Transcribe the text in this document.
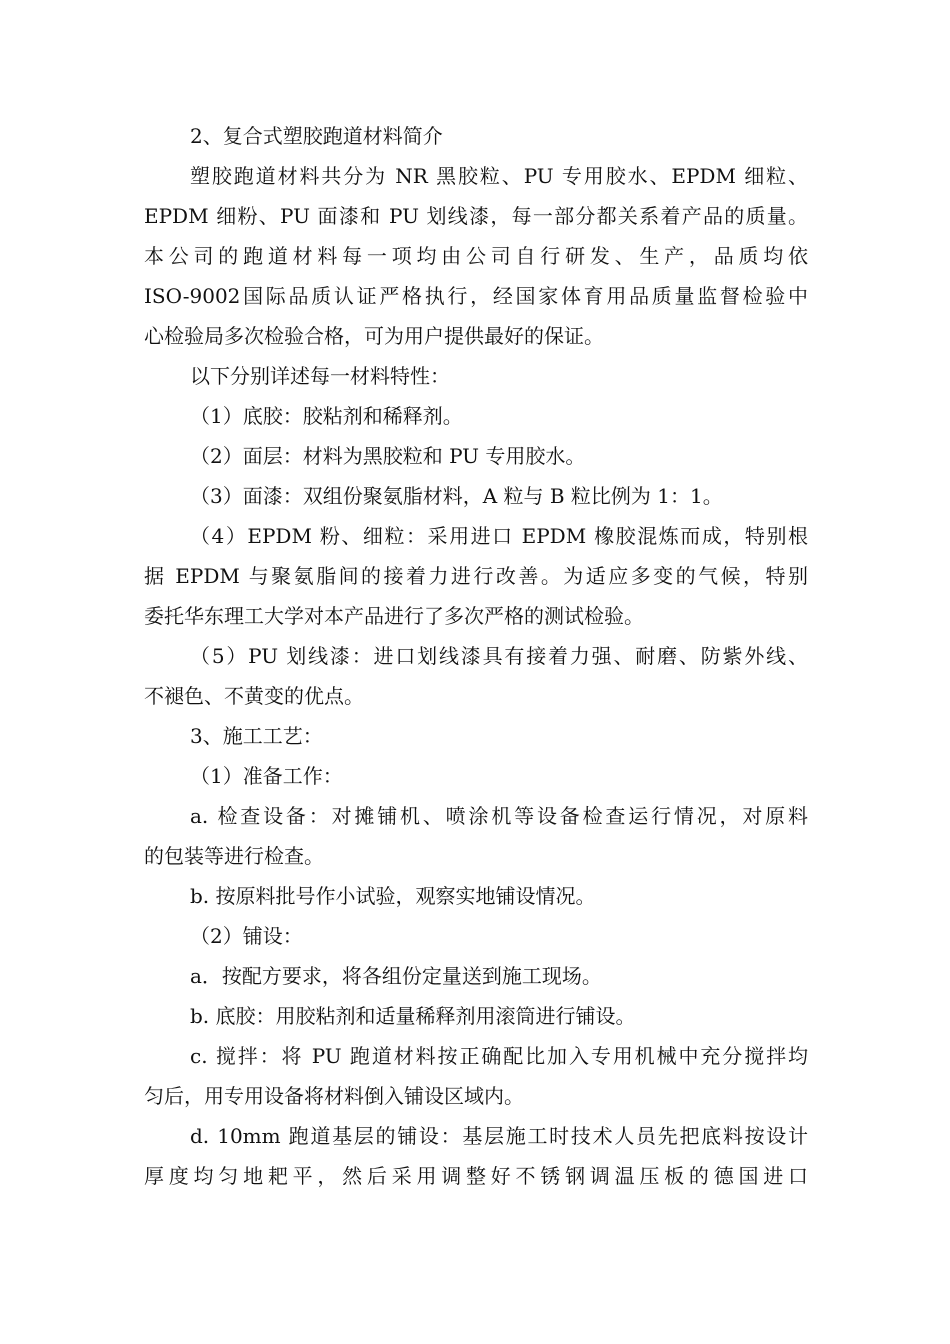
2、复合式塑胶跑道材料简介
塑胶跑道材料共分为 NR 黑胶粒、PU 专用胶水、EPDM 细粒、
EPDM 细粉、PU 面漆和 PU 划线漆，每一部分都关系着产品的质量。
本公司的跑道材料每一项均由公司自行研发、生产，品质均依
ISO-9002国际品质认证严格执行，经国家体育用品质量监督检验中
心检验局多次检验合格，可为用户提供最好的保证。
以下分别详述每一材料特性：
（1）底胶：胶粘剂和稀释剂。
（2）面层：材料为黑胶粒和 PU 专用胶水。
（3）面漆：双组份聚氨脂材料，A 粒与 B 粒比例为 1：1。
（4）EPDM 粉、细粒：采用进口 EPDM 橡胶混炼而成，特别根
据 EPDM 与聚氨脂间的接着力进行改善。为适应多变的气候，特别
委托华东理工大学对本产品进行了多次严格的测试检验。
（5）PU 划线漆：进口划线漆具有接着力强、耐磨、防紫外线、
不褪色、不黄变的优点。
3、施工工艺：
（1）准备工作：
a. 检查设备：对摊铺机、喷涂机等设备检查运行情况，对原料
的包装等进行检查。
b. 按原料批号作小试验，观察实地铺设情况。
（2）铺设：
a．按配方要求，将各组份定量送到施工现场。
b. 底胶：用胶粘剂和适量稀释剂用滚筒进行铺设。
c. 搅拌：将 PU 跑道材料按正确配比加入专用机械中充分搅拌均
匀后，用专用设备将材料倒入铺设区域内。
d. 10mm 跑道基层的铺设：基层施工时技术人员先把底料按设计
厚度均匀地耙平，然后采用调整好不锈钢调温压板的德国进口
